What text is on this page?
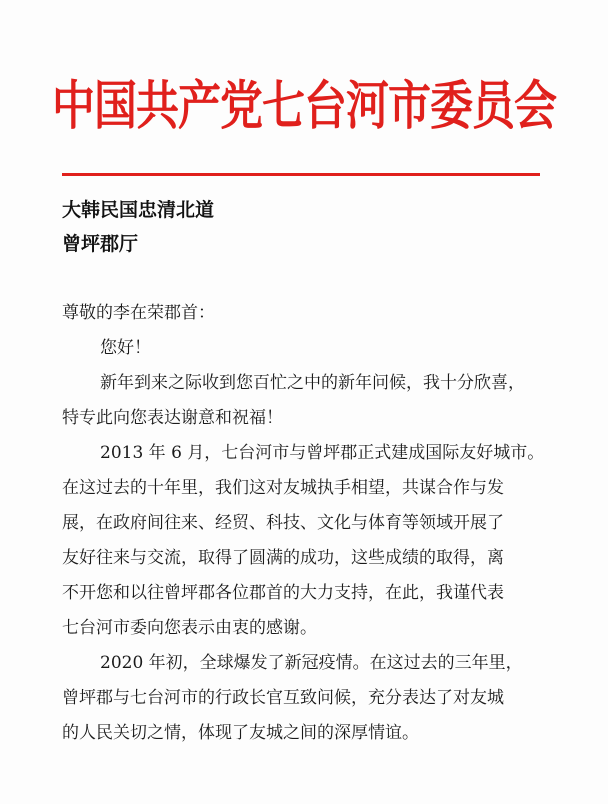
中国共产党七台河市委员会
大韩民国忠清北道
曾坪郡厅
尊敬的李在荣郡首：
您好！

新年到来之际收到您百忙之中的新年问候，我十分欣喜，
特专此向您表达谢意和祝福！

2013 年 6 月，七台河市与曾坪郡正式建成国际友好城市。
在这过去的十年里，我们这对友城执手相望，共谋合作与发
展，在政府间往来、经贸、科技、文化与体育等领域开展了
友好往来与交流，取得了圆满的成功，这些成绩的取得，离
不开您和以往曾坪郡各位郡首的大力支持，在此，我谨代表
七台河市委向您表示由衷的感谢。

2020 年初，全球爆发了新冠疫情。在这过去的三年里，
曾坪郡与七台河市的行政长官互致问候，充分表达了对友城
的人民关切之情，体现了友城之间的深厚情谊。
